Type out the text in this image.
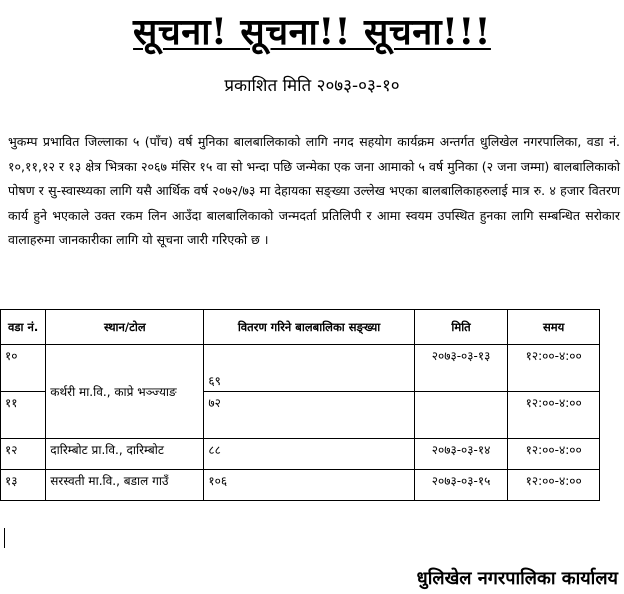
सूचना! सूचना!! सूचना!!!
प्रकाशित मिति २०७३-०३-१०
भुकम्प प्रभावित जिल्लाका ५ (पाँच) वर्ष मुनिका बालबालिकाको लागि नगद सहयोग कार्यक्रम अन्तर्गत धुलिखेल नगरपालिका, वडा नं. १०,११,१२ र १३ क्षेत्र भित्रका २०६७ मंसिर १५ वा सो भन्दा पछि जन्मेका एक जना आमाको ५ वर्ष मुनिका (२ जना जम्मा) बालबालिकाको पोषण र सु-स्वास्थ्यका लागि यसै आर्थिक वर्ष २०७२/७३ मा देहायका सङ्ख्या उल्लेख भएका बालबालिकाहरुलाई मात्र रु. ४ हजार वितरण कार्य हुने भएकाले उक्त रकम लिन आउँदा बालबालिकाको जन्मदर्ता प्रतिलिपी र आमा स्वयम उपस्थित हुनका लागि सम्बन्धित सरोकार वालाहरुमा जानकारीका लागि यो सूचना जारी गरिएको छ ।
वडा नं.	स्थान/टोल	वितरण गरिने बालबालिका सङ्ख्या	मिति	समय
१०	कर्थरी मा.वि., काप्रे भञ्ज्याङ	६९	२०७३-०३-१३	१२:००-४:००
११		७२		१२:००-४:००
१२	दारिम्बोट प्रा.वि., दारिम्बोट	८८	२०७३-०३-१४	१२:००-४:००
१३	सरस्वती मा.वि., बडाल गाउँ	१०६	२०७३-०३-१५	१२:००-४:००
धुलिखेल नगरपालिका कार्यालय
